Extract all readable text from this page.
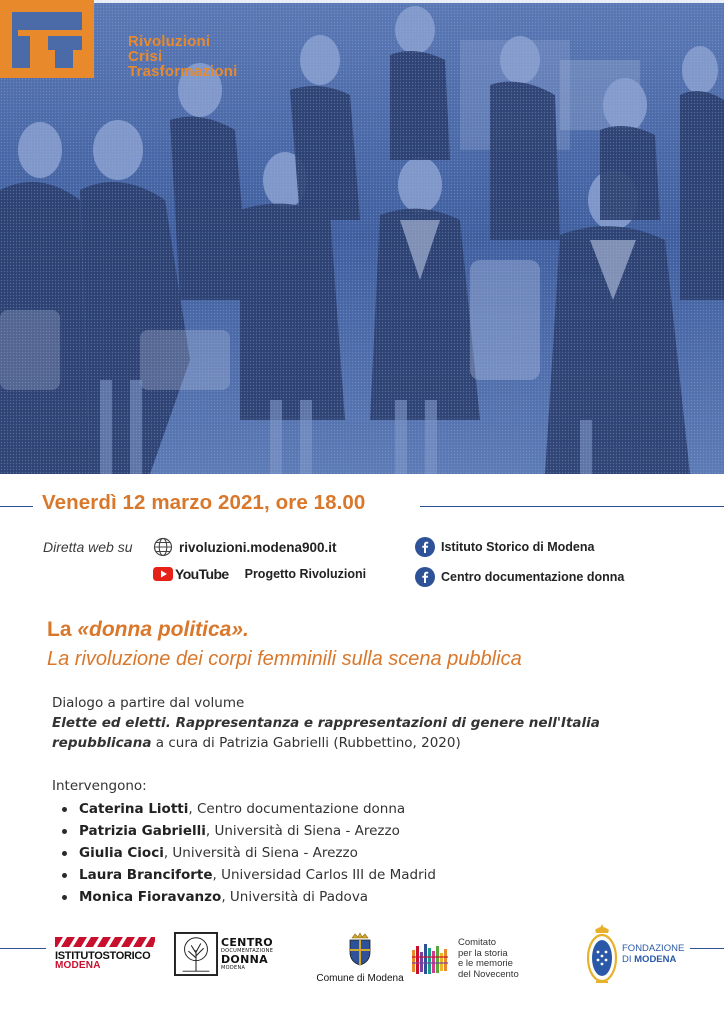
Rivoluzioni
Crisi
Trasformazioni
Venerdì 12 marzo 2021, ore 18.00
Diretta web su	rivoluzioni.modena900.it
YouTube Progetto Rivoluzioni
Istituto Storico di Modena
Centro documentazione donna
La «donna politica».
La rivoluzione dei corpi femminili sulla scena pubblica
Dialogo a partire dal volume
Elette ed eletti. Rappresentanza e rappresentazioni di genere nell'Italia
repubblicana a cura di Patrizia Gabrielli (Rubbettino, 2020)
Intervengono:
Caterina Liotti, Centro documentazione donna
Patrizia Gabrielli, Università di Siena - Arezzo
Giulia Cioci, Università di Siena - Arezzo
Laura Branciforte, Universidad Carlos III de Madrid
Monica Fioravanzo, Università di Padova
ISTITUTOSTORICO
MODENA
CENTRO
DOCUMENTAZIONE
DONNA
MODENA
Comune di Modena
Comitato
per la storia
e le memorie
del Novecento
FONDAZIONE
DI MODENA
